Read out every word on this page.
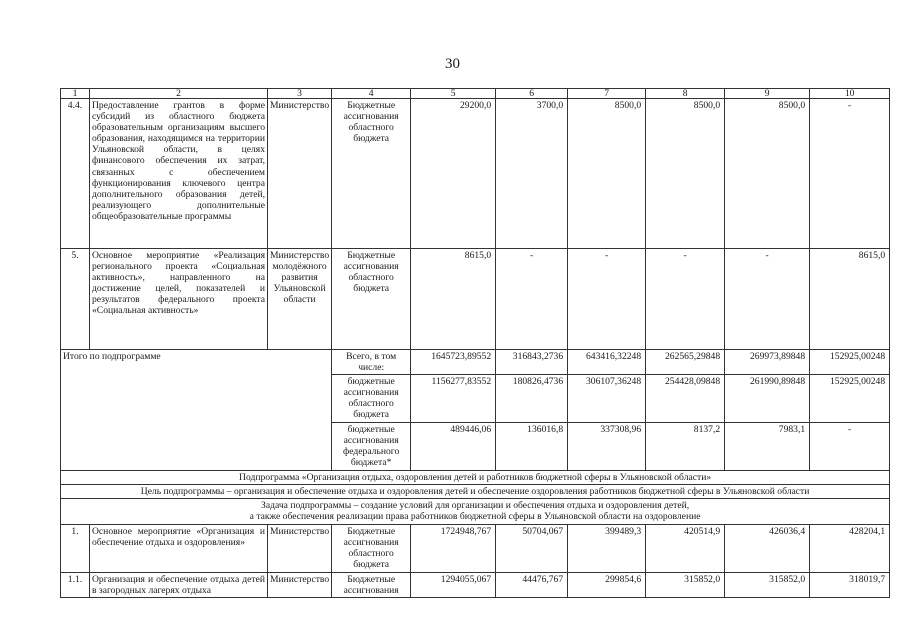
30
1	2	3	4	5	6	7	8	9	10
4.4.	Предоставление грантов в форме субсидий из областного бюджета образовательным организациям высшего образования, находящимся на территории Ульяновской области, в целях финансового обеспечения их затрат, связанных с обеспечением функционирования ключевого центра дополнительного образования детей, реализующего дополнительные общеобразовательные программы	Министерство	Бюджетные ассигнования областного бюджета	29200,0	3700,0	8500,0	8500,0	8500,0	-
5.	Основное мероприятие «Реализация регионального проекта «Социальная активность», направленного на достижение целей, показателей и результатов федерального проекта «Социальная активность»	Министерство молодёжного развития Ульяновской области	Бюджетные ассигнования областного бюджета	8615,0	-	-	-	-	8615,0
Итого по подпрограмме			Всего, в том числе:	1645723,89552	316843,2736	643416,32248	262565,29848	269973,89848	152925,00248
			бюджетные ассигнования областного бюджета	1156277,83552	180826,4736	306107,36248	254428,09848	261990,89848	152925,00248
			бюджетные ассигнования федерального бюджета*	489446,06	136016,8	337308,96	8137,2	7983,1	-
Подпрограмма «Организация отдыха, оздоровления детей и работников бюджетной сферы в Ульяновской области»									
Цель подпрограммы – организация и обеспечение отдыха и оздоровления детей и обеспечение оздоровления работников бюджетной сферы в Ульяновской области									

Задача подпрограммы – создание условий для организации и обеспечения отдыха и оздоровления детей,
а также обеспечения реализации права работников бюджетной сферы в Ульяновской области на оздоровление									

1.	Основное мероприятие «Организация и обеспечение отдыха и оздоровления»	Министерство	Бюджетные ассигнования областного бюджета	1724948,767	50704,067	399489,3	420514,9	426036,4	428204,1
1.1.	Организация и обеспечение отдыха детей в загородных лагерях отдыха	Министерство	Бюджетные ассигнования	1294055,067	44476,767	299854,6	315852,0	315852,0	318019,7
